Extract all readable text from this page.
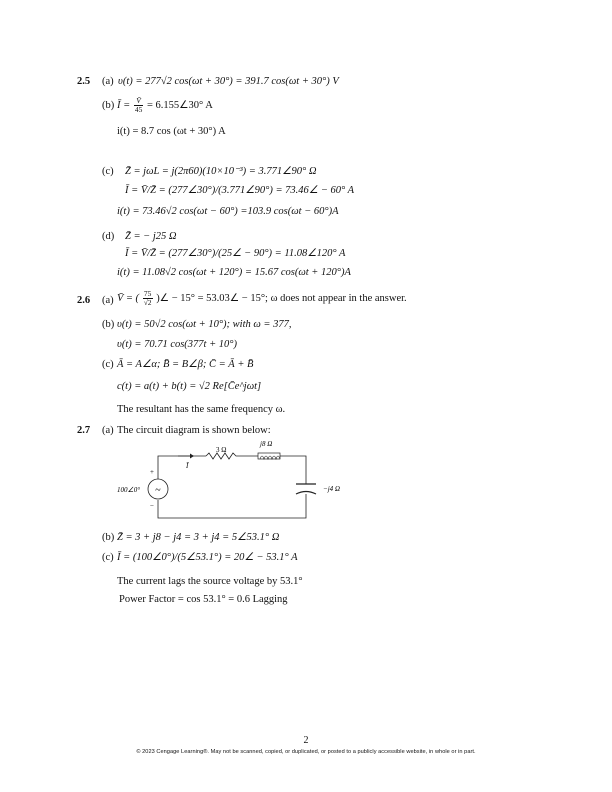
2.5 (a) υ(t) = 277√2 cos(ωt + 30°) = 391.7 cos(ωt + 30°) V
(b) Ī = $\frac{V̄}{45}$ = 6.155∠30° A
i(t) = 8.7 cos (ωt + 30°) A
(c) Z̄ = jωL = j(2π60)(10×10⁻³) = 3.771∠90° Ω
Ī = V̄/Z̄ = (277∠30°)/(3.771∠90°) = 73.46∠ − 60° A
i(t) = 73.46√2 cos(ωt − 60°) =103.9 cos(ωt − 60°)A
(d) Z̄ = − j25 Ω
Ī = V̄/Z̄ = (277∠30°)/(25∠ − 90°) = 11.08∠120° A
i(t) = 11.08√2 cos(ωt + 120°) = 15.67 cos(ωt + 120°)A
2.6 (a) V̄ = ( $\frac{75}{√2}$ )∠ − 15° = 53.03∠ − 15°; ω does not appear in the answer.
(b) υ(t) = 50√2 cos(ωt + 10°); with ω = 377,
υ(t) = 70.71 cos(377t + 10°)
(c) Ā = A∠α; B̄ = B∠β; C̄ = Ā + B̄
c(t) = a(t) + b(t) = √2 Re[C̄e^jωt]
The resultant has the same frequency ω.
2.7 (a) The circuit diagram is shown below:
~
+
−
100∠0°
Ī
3 Ω
j8 Ω
−j4 Ω
(b) Z̄ = 3 + j8 − j4 = 3 + j4 = 5∠53.1° Ω
(c) Ī = (100∠0°)/(5∠53.1°) = 20∠ − 53.1° A
The current lags the source voltage by 53.1°
Power Factor = cos 53.1° = 0.6 Lagging
2
© 2023 Cengage Learning®. May not be scanned, copied, or duplicated, or posted to a publicly accessible website, in whole or in part.
